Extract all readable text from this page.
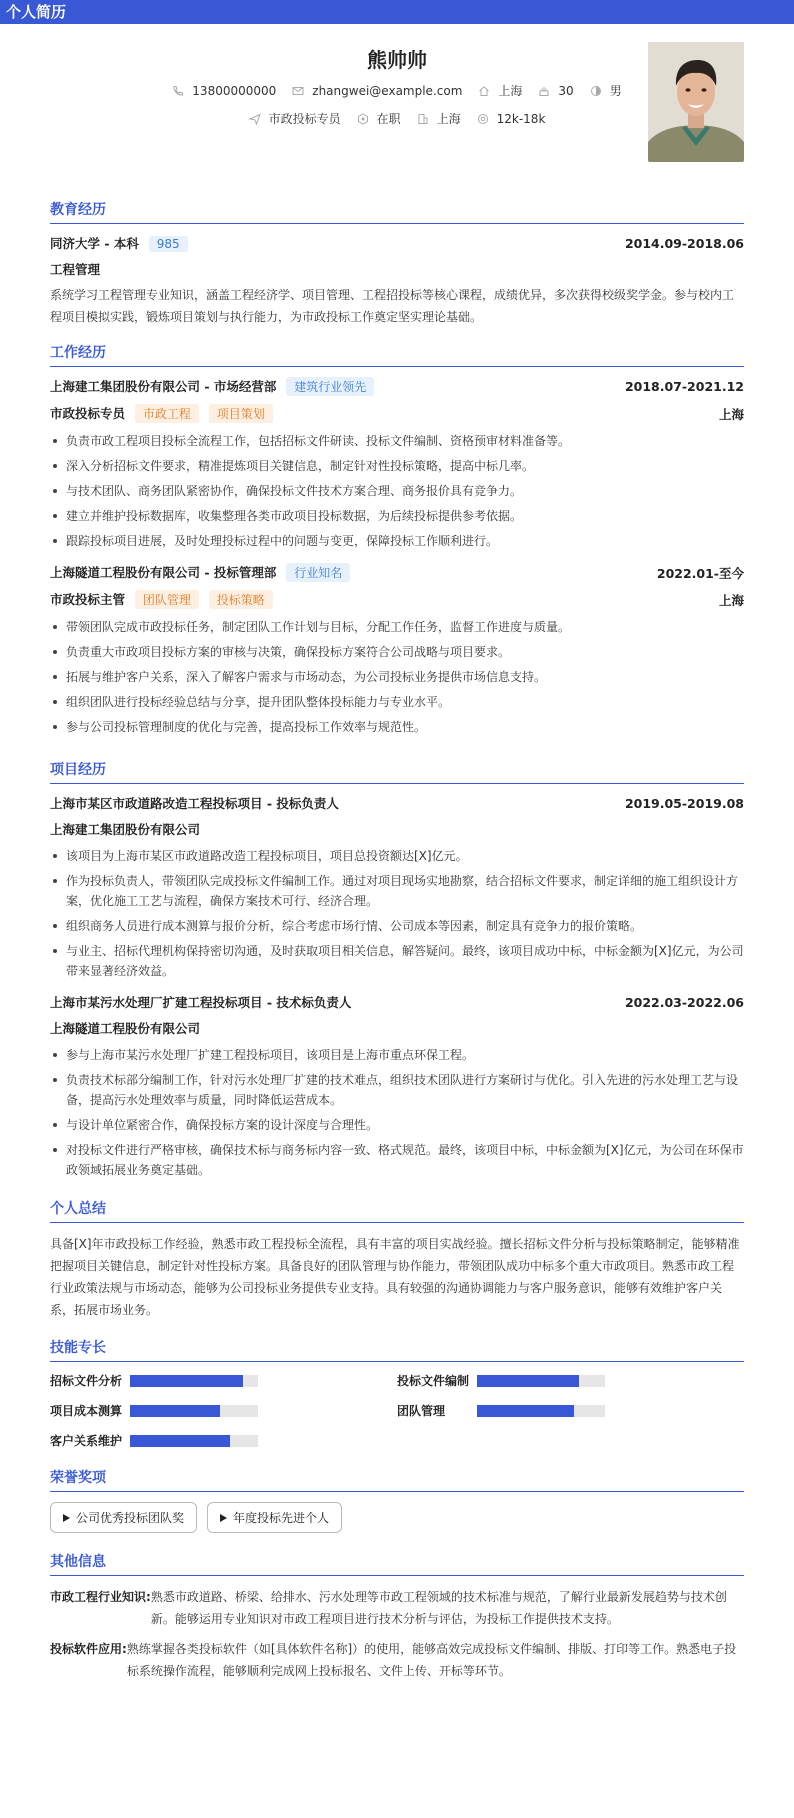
个人简历
熊帅帅
13800000000	zhangwei@example.com	上海	30	男
市政投标专员	在职	上海	12k-18k
教育经历
同济大学 - 本科 985	2014.09-2018.06
工程管理
系统学习工程管理专业知识，涵盖工程经济学、项目管理、工程招投标等核心课程，成绩优异，多次获得校级奖学金。参与校内工程项目模拟实践，锻炼项目策划与执行能力，为市政投标工作奠定坚实理论基础。
工作经历
上海建工集团股份有限公司 - 市场经营部 建筑行业领先	2018.07-2021.12
市政投标专员 市政工程 项目策划	上海
负责市政工程项目投标全流程工作，包括招标文件研读、投标文件编制、资格预审材料准备等。
深入分析招标文件要求，精准提炼项目关键信息，制定针对性投标策略，提高中标几率。
与技术团队、商务团队紧密协作，确保投标文件技术方案合理、商务报价具有竞争力。
建立并维护投标数据库，收集整理各类市政项目投标数据，为后续投标提供参考依据。
跟踪投标项目进展，及时处理投标过程中的问题与变更，保障投标工作顺利进行。
上海隧道工程股份有限公司 - 投标管理部 行业知名	2022.01-至今
市政投标主管 团队管理 投标策略	上海
带领团队完成市政投标任务，制定团队工作计划与目标，分配工作任务，监督工作进度与质量。
负责重大市政项目投标方案的审核与决策，确保投标方案符合公司战略与项目要求。
拓展与维护客户关系，深入了解客户需求与市场动态，为公司投标业务提供市场信息支持。
组织团队进行投标经验总结与分享，提升团队整体投标能力与专业水平。
参与公司投标管理制度的优化与完善，提高投标工作效率与规范性。
项目经历
上海市某区市政道路改造工程投标项目 - 投标负责人	2019.05-2019.08
上海建工集团股份有限公司
该项目为上海市某区市政道路改造工程投标项目，项目总投资额达[X]亿元。
作为投标负责人，带领团队完成投标文件编制工作。通过对项目现场实地勘察，结合招标文件要求，制定详细的施工组织设计方案，优化施工工艺与流程，确保方案技术可行、经济合理。
组织商务人员进行成本测算与报价分析，综合考虑市场行情、公司成本等因素，制定具有竞争力的报价策略。
与业主、招标代理机构保持密切沟通，及时获取项目相关信息，解答疑问。最终，该项目成功中标，中标金额为[X]亿元，为公司带来显著经济效益。
上海市某污水处理厂扩建工程投标项目 - 技术标负责人	2022.03-2022.06
上海隧道工程股份有限公司
参与上海市某污水处理厂扩建工程投标项目，该项目是上海市重点环保工程。
负责技术标部分编制工作，针对污水处理厂扩建的技术难点，组织技术团队进行方案研讨与优化。引入先进的污水处理工艺与设备，提高污水处理效率与质量，同时降低运营成本。
与设计单位紧密合作，确保投标方案的设计深度与合理性。
对投标文件进行严格审核，确保技术标与商务标内容一致、格式规范。最终，该项目中标，中标金额为[X]亿元，为公司在环保市政领域拓展业务奠定基础。
个人总结
具备[X]年市政投标工作经验，熟悉市政工程投标全流程，具有丰富的项目实战经验。擅长招标文件分析与投标策略制定，能够精准把握项目关键信息，制定针对性投标方案。具备良好的团队管理与协作能力，带领团队成功中标多个重大市政项目。熟悉市政工程行业政策法规与市场动态，能够为公司投标业务提供专业支持。具有较强的沟通协调能力与客户服务意识，能够有效维护客户关系，拓展市场业务。
技能专长
招标文件分析	投标文件编制
项目成本测算	团队管理
客户关系维护
荣誉奖项
公司优秀投标团队奖	年度投标先进个人
其他信息
市政工程行业知识: 熟悉市政道路、桥梁、给排水、污水处理等市政工程领域的技术标准与规范，了解行业最新发展趋势与技术创新。能够运用专业知识对市政工程项目进行技术分析与评估，为投标工作提供技术支持。
投标软件应用: 熟练掌握各类投标软件（如[具体软件名称]）的使用，能够高效完成投标文件编制、排版、打印等工作。熟悉电子投标系统操作流程，能够顺利完成网上投标报名、文件上传、开标等环节。
